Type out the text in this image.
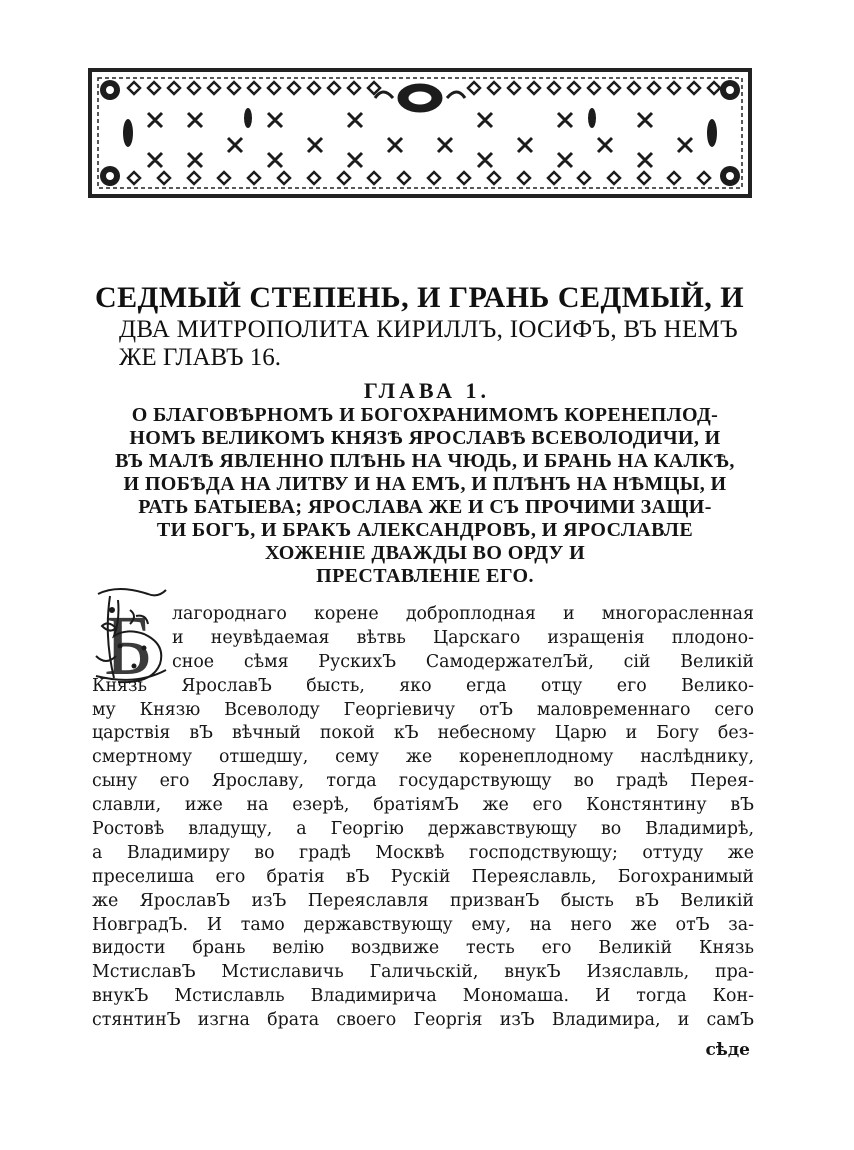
СЕДМЫЙ СТЕПЕНЬ, И ГРАНЬ СЕДМЫЙ, И
ДВА МИТРОПОЛИТА КИРИЛЛЪ, ІОСИФЪ, ВЪ НЕМЪ
ЖЕ ГЛАВЪ 16.
ГЛАВА 1.
О БЛАГОВѢРНОМЪ И БОГОХРАНИМОМЪ КОРЕНЕПЛОД-
НОМЪ ВЕЛИКОМЪ КНЯЗѢ ЯРОСЛАВѢ ВСЕВОЛОДИЧИ, И
ВЪ МАЛѢ ЯВЛЕННО ПЛѢНЬ НА ЧЮДЬ, И БРАНЬ НА КАЛКѢ,
И ПОБѢДА НА ЛИТВУ И НА ЕМЪ, И ПЛѢНЪ НА НѢМЦЫ, И
РАТЬ БАТЫЕВА; ЯРОСЛАВА ЖЕ И СЪ ПРОЧИМИ ЗАЩИ-
ТИ БОГЪ, И БРАКЪ АЛЕКСАНДРОВЪ, И ЯРОСЛАВЛЕ
ХОЖЕНІЕ ДВАЖДЫ ВО ОРДУ И
ПРЕСТАВЛЕНІЕ ЕГО.
Б	лагороднаго корене доброплодная и многорасленная
и неувѣдаемая вѣтвь Царскаго изращенія плодоно-
сное сѣмя РускихЪ СамодержателЪй, сій Великій
Князь ЯрославЪ бысть, яко егда отцу его Велико-
му Князю Всеволоду Георгіевичу отЪ маловременнаго сего
царствія вЪ вѣчный покой кЪ небесному Царю и Богу без-
смертному отшедшу, сему же коренеплодному наслѣднику,
сыну его Ярославу, тогда государствующу во градѣ Перея-
славли, иже на езерѣ, братіямЪ же его Констянтину вЪ
Ростовѣ владущу, а Георгію державствующу во Владимирѣ,
а Владимиру во градѣ Москвѣ господствующу; оттуду же
преселиша его братія вЪ Рускій Переяславль, Богохранимый
же ЯрославЪ изЪ Переяславля призванЪ бысть вЪ Великій
НовградЪ. И тамо державствующу ему, на него же отЪ за-
видости брань велію воздвиже тесть его Великій Князь
МстиславЪ Мстиславичь Галичьскій, внукЪ Изяславль, пра-
внукЪ Мстиславль Владимирича Мономаша. И тогда Кон-
стянтинЪ изгна брата своего Георгія изЪ Владимира, и самЪ
сѣде
